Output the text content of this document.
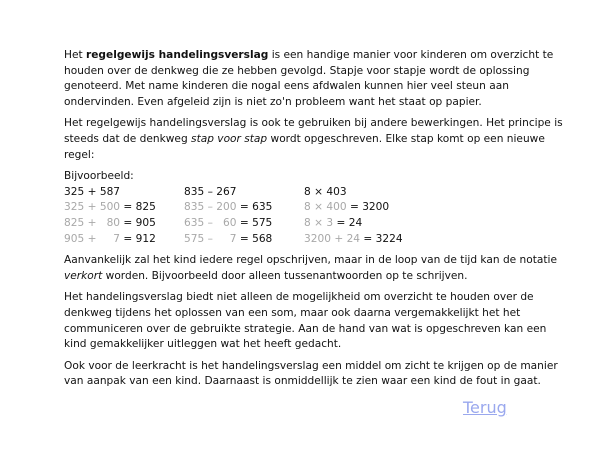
Het regelgewijs handelingsverslag is een handige manier voor kinderen om overzicht te houden over de denkweg die ze hebben gevolgd. Stapje voor stapje wordt de oplossing genoteerd. Met name kinderen die nogal eens afdwalen kunnen hier veel steun aan ondervinden. Even afgeleid zijn is niet zo'n probleem want het staat op papier.

Het regelgewijs handelingsverslag is ook te gebruiken bij andere bewerkingen. Het principe is steeds dat de denkweg stap voor stap wordt opgeschreven. Elke stap komt op een nieuwe regel:

Bijvoorbeeld:
325 + 587	835 – 267	8 × 403
325 + 500 = 825	835 – 200 = 635	8 × 400 = 3200
825 +   80 = 905	635 –   60 = 575	8 × 3 = 24
905 +     7 = 912	575 –     7 = 568	3200 + 24 = 3224

Aanvankelijk zal het kind iedere regel opschrijven, maar in de loop van de tijd kan de notatie verkort worden. Bijvoorbeeld door alleen tussenantwoorden op te schrijven.

Het handelingsverslag biedt niet alleen de mogelijkheid om overzicht te houden over de denkweg tijdens het oplossen van een som, maar ook daarna vergemakkelijkt het het communiceren over de gebruikte strategie. Aan de hand van wat is opgeschreven kan een kind gemakkelijker uitleggen wat het heeft gedacht.

Ook voor de leerkracht is het handelingsverslag een middel om zicht te krijgen op de manier van aanpak van een kind. Daarnaast is onmiddellijk te zien waar een kind de fout in gaat.

Terug
